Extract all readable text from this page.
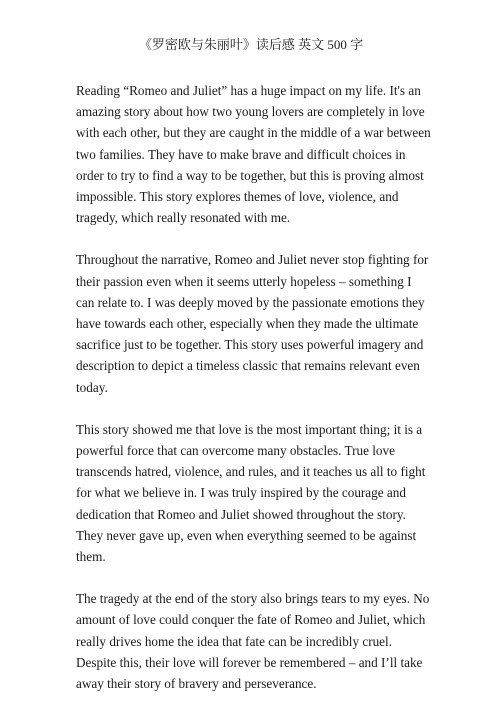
《罗密欧与朱丽叶》读后感 英文 500 字

Reading “Romeo and Juliet” has a huge impact on my life. It's an amazing story about how two young lovers are completely in love with each other, but they are caught in the middle of a war between two families. They have to make brave and difficult choices in order to try to find a way to be together, but this is proving almost impossible. This story explores themes of love, violence, and tragedy, which really resonated with me.

Throughout the narrative, Romeo and Juliet never stop fighting for their passion even when it seems utterly hopeless – something I can relate to. I was deeply moved by the passionate emotions they have towards each other, especially when they made the ultimate sacrifice just to be together. This story uses powerful imagery and description to depict a timeless classic that remains relevant even today.

This story showed me that love is the most important thing; it is a powerful force that can overcome many obstacles. True love transcends hatred, violence, and rules, and it teaches us all to fight for what we believe in. I was truly inspired by the courage and dedication that Romeo and Juliet showed throughout the story. They never gave up, even when everything seemed to be against them.

The tragedy at the end of the story also brings tears to my eyes. No amount of love could conquer the fate of Romeo and Juliet, which really drives home the idea that fate can be incredibly cruel. Despite this, their love will forever be remembered – and I’ll take away their story of bravery and perseverance.
